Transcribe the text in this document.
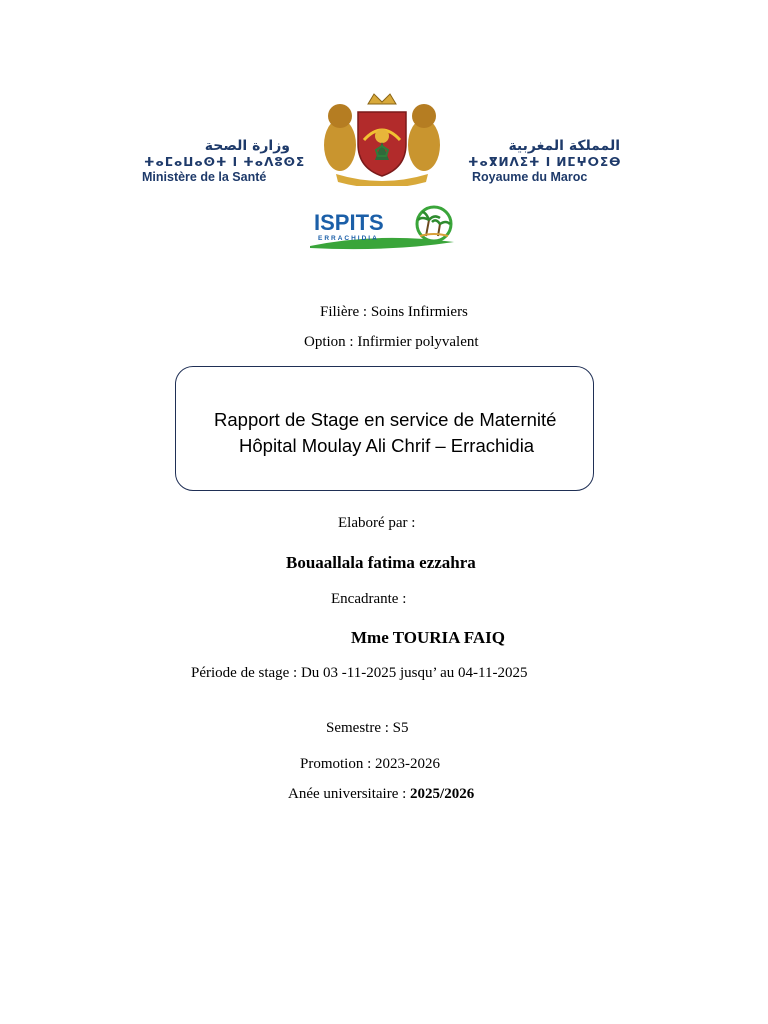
وزارة الصحة
ⵜⴰⵎⴰⵡⴰⵙⵜ ⵏ ⵜⴰⴷⵓⵙⵉ
Ministère de la Santé
المملكة المغربية
ⵜⴰⴳⵍⴷⵉⵜ ⵏ ⵍⵎⵖⵔⵉⴱ
Royaume du Maroc
ISPITS
ERRACHIDIA
Filière : Soins Infirmiers
Option : Infirmier polyvalent
Rapport de Stage en service de Maternité
Hôpital Moulay Ali Chrif – Errachidia
Elaboré par :
Bouaallala fatima ezzahra
Encadrante :
Mme TOURIA FAIQ
Période de stage : Du 03 -11-2025 jusqu’ au 04-11-2025
Semestre : S5
Promotion : 2023-2026
Anée universitaire : 2025/2026
